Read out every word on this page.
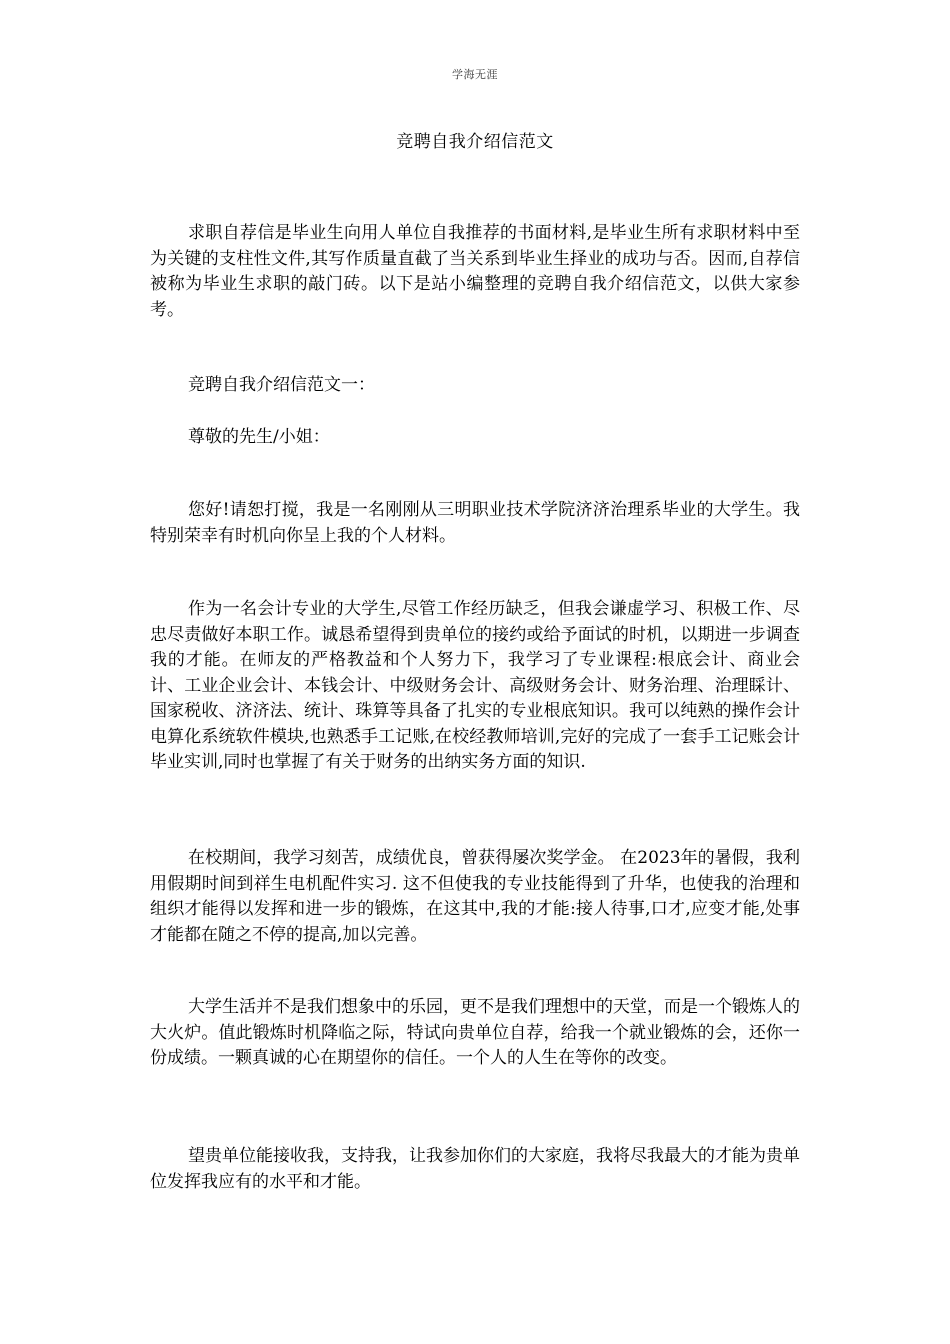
学海无涯
竞聘自我介绍信范文

求职自荐信是毕业生向用人单位自我推荐的书面材料,是毕业生所有求职材料中至为关键的支柱性文件,其写作质量直截了当关系到毕业生择业的成功与否。因而,自荐信被称为毕业生求职的敲门砖。以下是站小编整理的竞聘自我介绍信范文，以供大家参考。

竞聘自我介绍信范文一：

尊敬的先生/小姐：

您好!请恕打搅，我是一名刚刚从三明职业技术学院济济治理系毕业的大学生。我特别荣幸有时机向你呈上我的个人材料。

作为一名会计专业的大学生,尽管工作经历缺乏，但我会谦虚学习、积极工作、尽忠尽责做好本职工作。诚恳希望得到贵单位的接约或给予面试的时机，以期进一步调查我的才能。在师友的严格教益和个人努力下，我学习了专业课程:根底会计、商业会计、工业企业会计、本钱会计、中级财务会计、高级财务会计、财务治理、治理睬计、国家税收、济济法、统计、珠算等具备了扎实的专业根底知识。我可以纯熟的操作会计电算化系统软件模块,也熟悉手工记账,在校经教师培训,完好的完成了一套手工记账会计毕业实训,同时也掌握了有关于财务的出纳实务方面的知识.

在校期间，我学习刻苦，成绩优良，曾获得屡次奖学金。 在2023年的暑假，我利用假期时间到祥生电机配件实习. 这不但使我的专业技能得到了升华，也使我的治理和组织才能得以发挥和进一步的锻炼，在这其中,我的才能:接人待事,口才,应变才能,处事才能都在随之不停的提高,加以完善。

大学生活并不是我们想象中的乐园，更不是我们理想中的天堂，而是一个锻炼人的大火炉。值此锻炼时机降临之际，特试向贵单位自荐，给我一个就业锻炼的会，还你一份成绩。一颗真诚的心在期望你的信任。一个人的人生在等你的改变。

望贵单位能接收我，支持我，让我参加你们的大家庭，我将尽我最大的才能为贵单位发挥我应有的水平和才能。
